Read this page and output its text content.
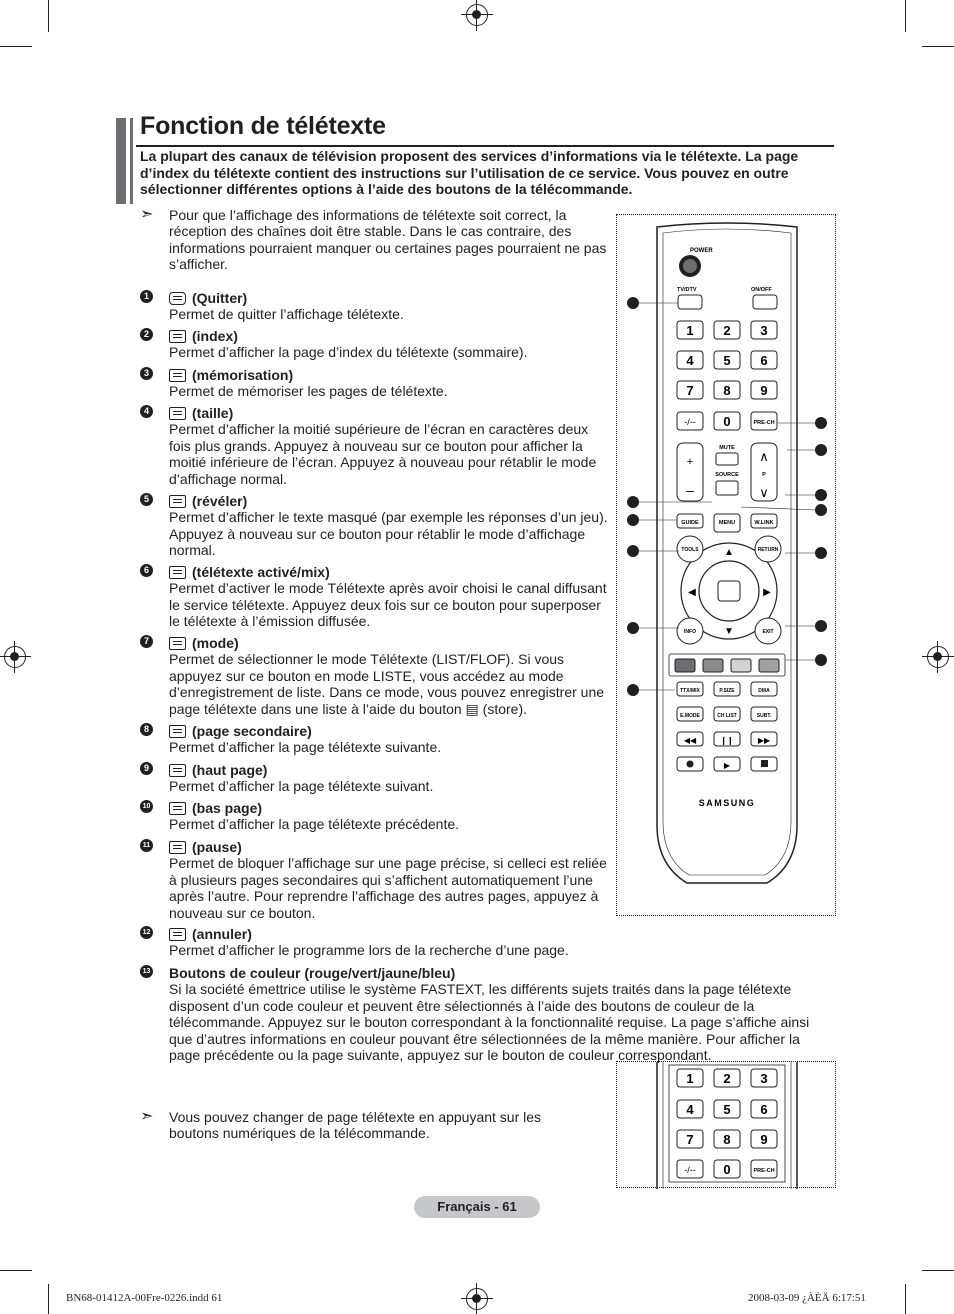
Fonction de télétexte
La plupart des canaux de télévision proposent des services d’informations via le télétexte. La page d’index du télétexte contient des instructions sur l’utilisation de ce service. Vous pouvez en outre sélectionner différentes options à l’aide des boutons de la télécommande.
➣ Pour que l’affichage des informations de télétexte soit correct, la réception des chaînes doit être stable. Dans le cas contraire, des informations pourraient manquer ou certaines pages pourraient ne pas s’afficher.
1	(Quitter)
Permet de quitter l’affichage télétexte.
2	(index)
Permet d’afficher la page d’index du télétexte (sommaire).
3	(mémorisation)
Permet de mémoriser les pages de télétexte.
4	(taille)
Permet d’afficher la moitié supérieure de l’écran en caractères deux fois plus grands. Appuyez à nouveau sur ce bouton pour afficher la moitié inférieure de l’écran. Appuyez à nouveau pour rétablir le mode d’affichage normal.
5	(révéler)
Permet d’afficher le texte masqué (par exemple les réponses d’un jeu). Appuyez à nouveau sur ce bouton pour rétablir le mode d’affichage normal.
6	(télétexte activé/mix)
Permet d’activer le mode Télétexte après avoir choisi le canal diffusant le service télétexte. Appuyez deux fois sur ce bouton pour superposer le télétexte à l’émission diffusée.
7	(mode)
Permet de sélectionner le mode Télétexte (LIST/FLOF). Si vous appuyez sur ce bouton en mode LISTE, vous accédez au mode d’enregistrement de liste. Dans ce mode, vous pouvez enregistrer une page télétexte dans une liste à l’aide du bouton ▤ (store).
8	(page secondaire)
Permet d’afficher la page télétexte suivante.
9	(haut page)
Permet d’afficher la page télétexte suivant.
10	(bas page)
Permet d’afficher la page télétexte précédente.
11	(pause)
Permet de bloquer l’affichage sur une page précise, si celleci est reliée à plusieurs pages secondaires qui s’affichent automatiquement l’une après l’autre. Pour reprendre l’affichage des autres pages, appuyez à nouveau sur ce bouton.
12	(annuler)
Permet d’afficher le programme lors de la recherche d’une page.
13 Boutons de couleur (rouge/vert/jaune/bleu)

Si la société émettrice utilise le système FASTEXT, les différents sujets traités dans la page télétexte disposent d’un code couleur et peuvent être sélectionnés à l’aide des boutons de couleur de la télécommande. Appuyez sur le bouton correspondant à la fonctionnalité requise. La page s’affiche ainsi que d’autres informations en couleur pouvant être sélectionnées de la même manière. Pour afficher la page précédente ou la page suivante, appuyez sur le bouton de couleur correspondant.
➣ Vous pouvez changer de page télétexte en appuyant sur les boutons numériques de la télécommande.
POWER
TV/DTV	ON/OFF
1 2 3
4 5 6
7 8 9
-/-- 0	PRE-CH
+
–
∧
∨
P
MUTE
SOURCE
GUIDE	MENU	W.LINK
▲
▼
◀	▶
TOOLS	RETURN
INFO	EXIT
TTX/MIX	P.SIZE	DMA
E.MODE	CH LIST	SUBT.
◀◀	❙❙	▶▶
▶
SAMSUNG
1 2 3
4 5 6
7 8 9
-/-- 0	PRE-CH
Français - 61
BN68-01412A-00Fre-0226.indd 61	2008-03-09 ¿ÀÈÄ 6:17:51
